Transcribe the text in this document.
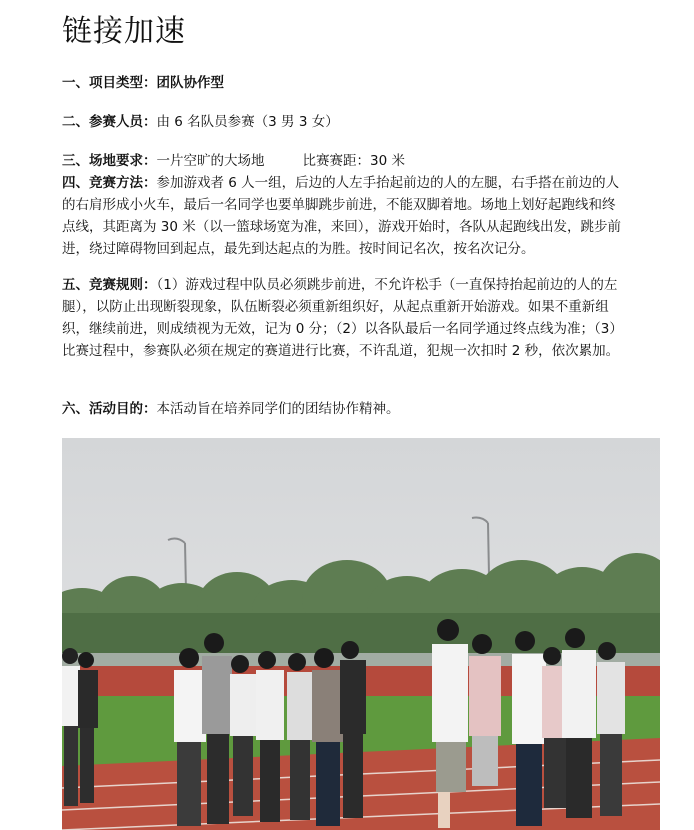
链接加速
一、项目类型：团队协作型
二、参赛人员：由 6 名队员参赛（3 男 3 女）
三、场地要求：一片空旷的大场地	比赛赛距：30 米
四、竞赛方法：参加游戏者 6 人一组，后边的人左手抬起前边的人的左腿，右手搭在前边的人的右肩形成小火车，最后一名同学也要单脚跳步前进，不能双脚着地。场地上划好起跑线和终点线，其距离为 30 米（以一篮球场宽为准，来回），游戏开始时，各队从起跑线出发，跳步前进，绕过障碍物回到起点，最先到达起点的为胜。按时间记名次，按名次记分。
五、竞赛规则：（1）游戏过程中队员必须跳步前进，不允许松手（一直保持抬起前边的人的左腿），以防止出现断裂现象，队伍断裂必须重新组织好，从起点重新开始游戏。如果不重新组织，继续前进，则成绩视为无效，记为 0 分；（2）以各队最后一名同学通过终点线为准；（3）比赛过程中，参赛队必须在规定的赛道进行比赛，不许乱道，犯规一次扣时 2 秒，依次累加。
六、活动目的：本活动旨在培养同学们的团结协作精神。
